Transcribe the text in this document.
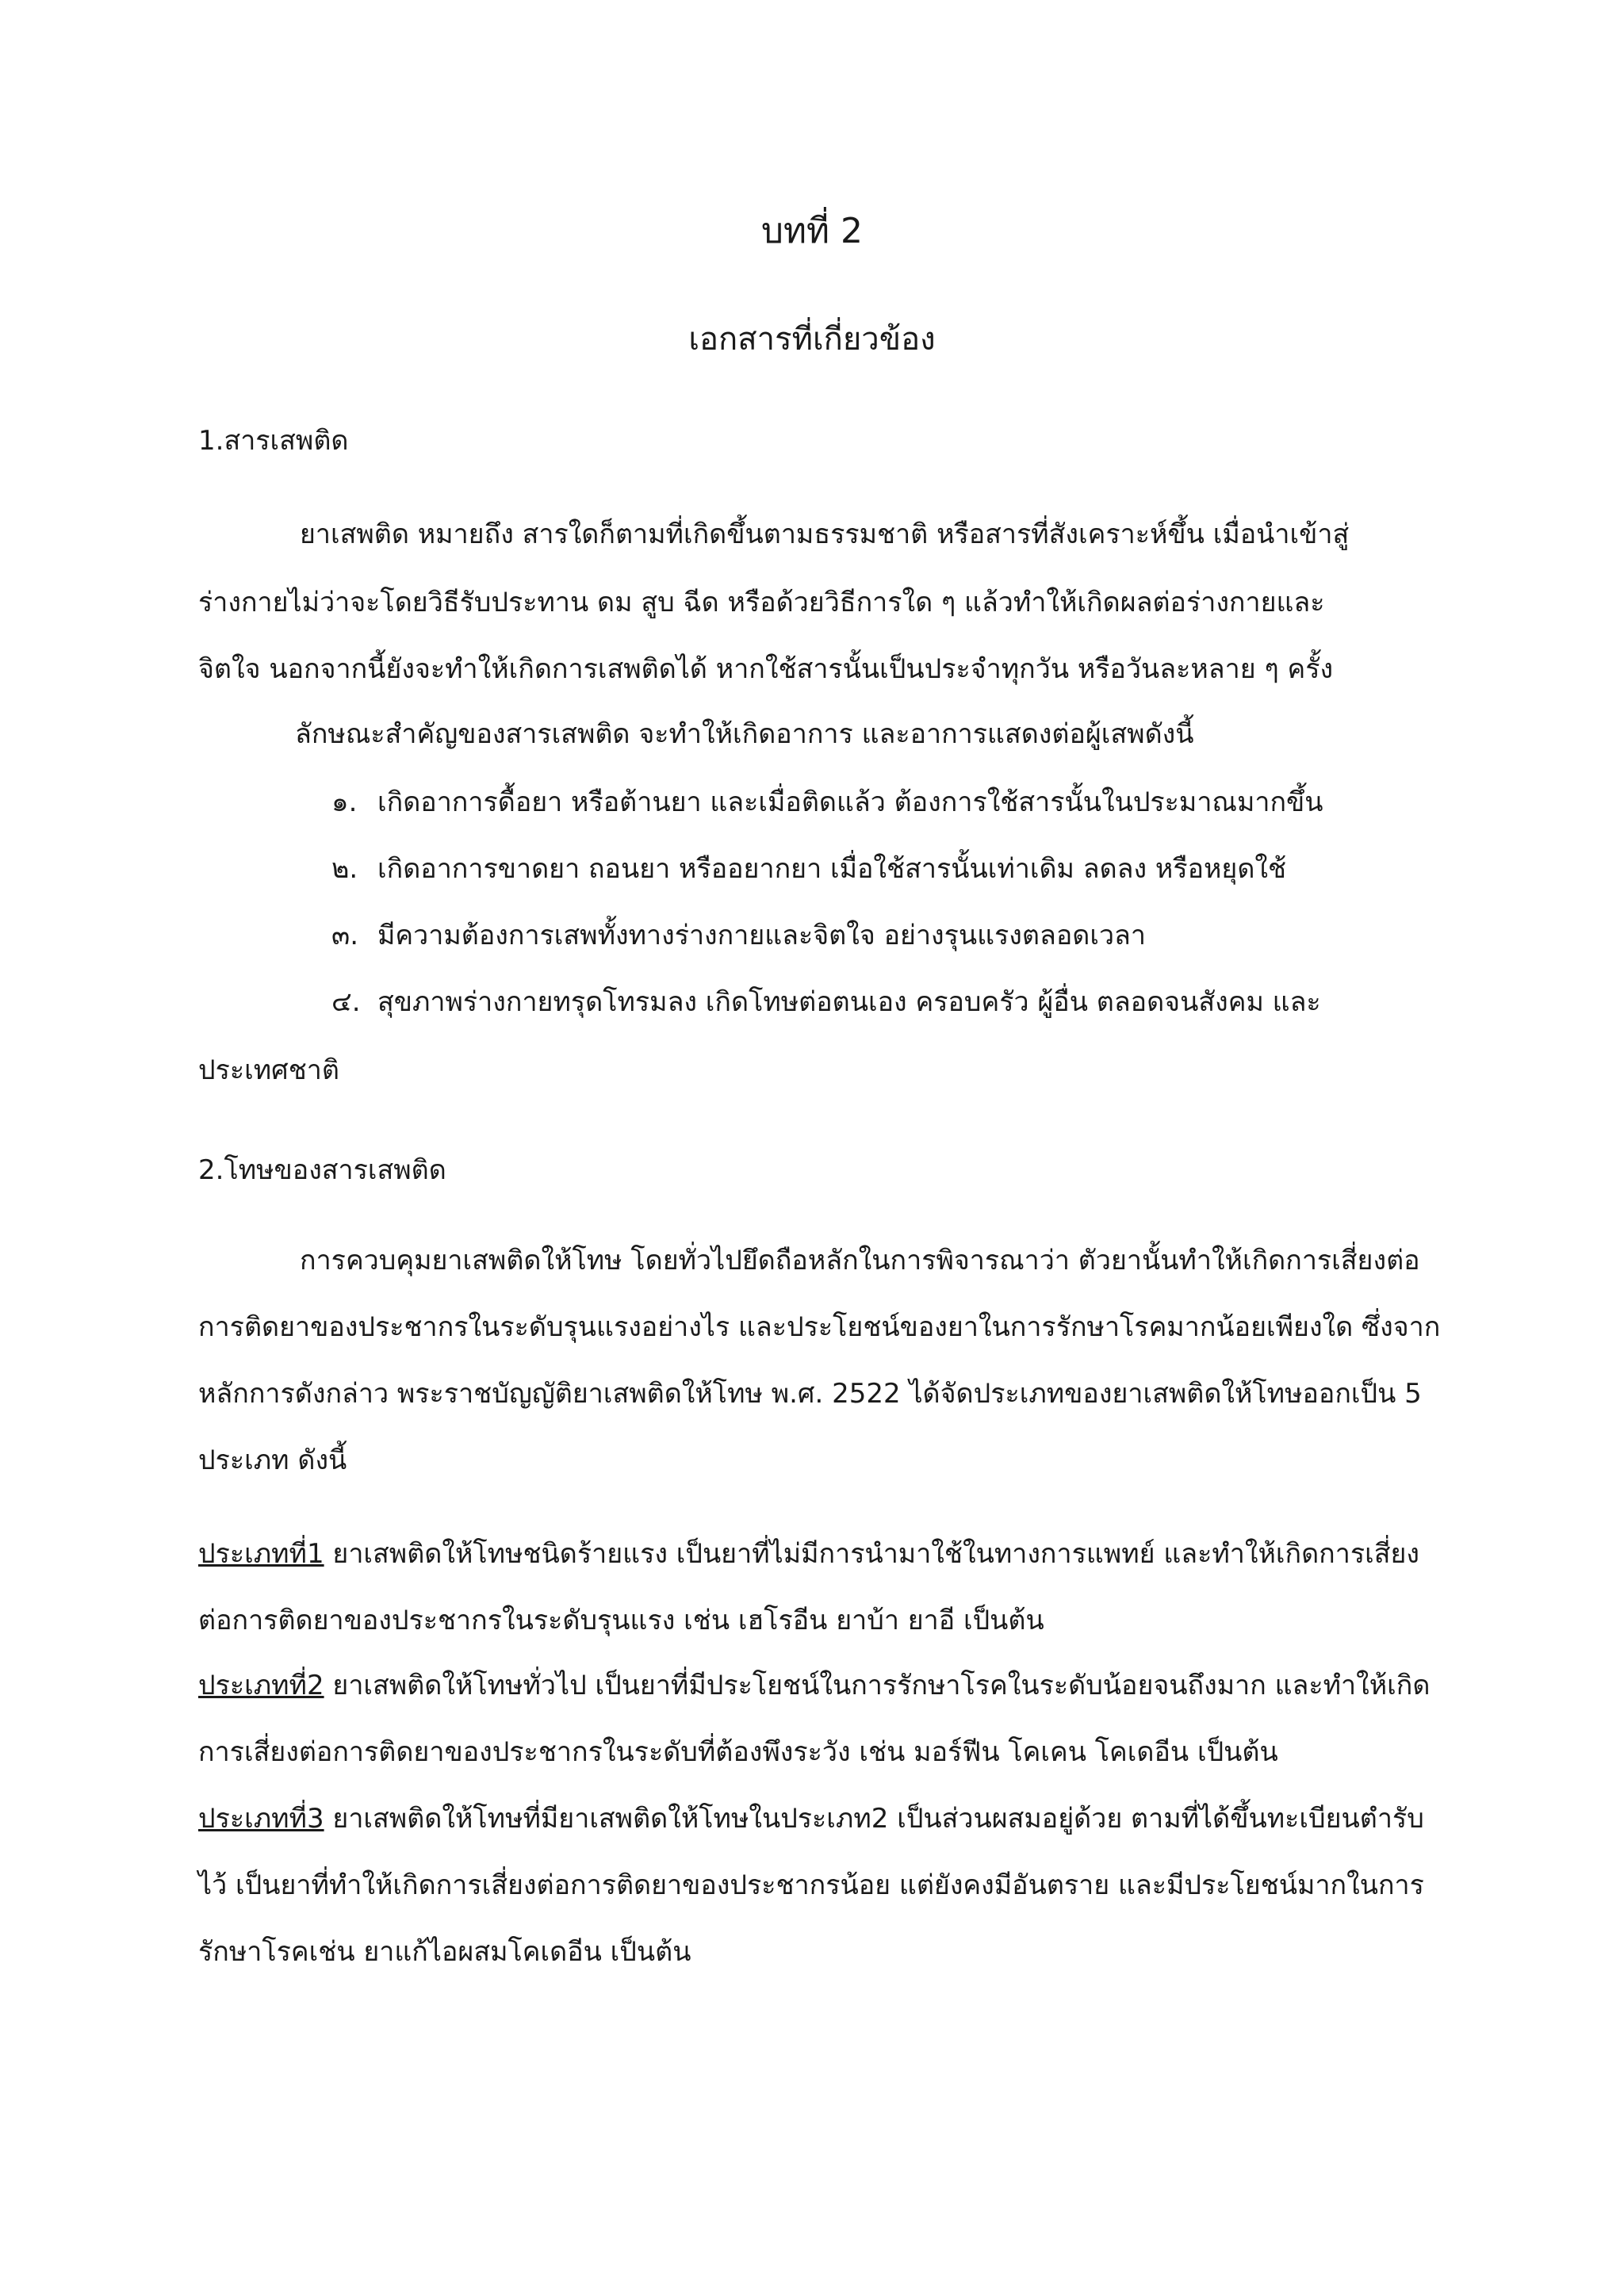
บทที่ 2
เอกสารที่เกี่ยวข้อง
1.สารเสพติด
ยาเสพติด หมายถึง สารใดก็ตามที่เกิดขึ้นตามธรรมชาติ หรือสารที่สังเคราะห์ขึ้น เมื่อนำเข้าสู่
ร่างกายไม่ว่าจะโดยวิธีรับประทาน ดม สูบ ฉีด หรือด้วยวิธีการใด ๆ แล้วทำให้เกิดผลต่อร่างกายและ
จิตใจ นอกจากนี้ยังจะทำให้เกิดการเสพติดได้ หากใช้สารนั้นเป็นประจำทุกวัน หรือวันละหลาย ๆ ครั้ง
ลักษณะสำคัญของสารเสพติด จะทำให้เกิดอาการ และอาการแสดงต่อผู้เสพดังนี้
๑. เกิดอาการดื้อยา หรือต้านยา และเมื่อติดแล้ว ต้องการใช้สารนั้นในประมาณมากขึ้น
๒. เกิดอาการขาดยา ถอนยา หรืออยากยา เมื่อใช้สารนั้นเท่าเดิม ลดลง หรือหยุดใช้
๓. มีความต้องการเสพทั้งทางร่างกายและจิตใจ อย่างรุนแรงตลอดเวลา
๔. สุขภาพร่างกายทรุดโทรมลง เกิดโทษต่อตนเอง ครอบครัว ผู้อื่น ตลอดจนสังคม และ
ประเทศชาติ
2.โทษของสารเสพติด
การควบคุมยาเสพติดให้โทษ โดยทั่วไปยึดถือหลักในการพิจารณาว่า ตัวยานั้นทำให้เกิดการเสี่ยงต่อ
การติดยาของประชากรในระดับรุนแรงอย่างไร และประโยชน์ของยาในการรักษาโรคมากน้อยเพียงใด ซึ่งจาก
หลักการดังกล่าว พระราชบัญญัติยาเสพติดให้โทษ พ.ศ. 2522 ได้จัดประเภทของยาเสพติดให้โทษออกเป็น 5
ประเภท ดังนี้
ประเภทที่1 ยาเสพติดให้โทษชนิดร้ายแรง เป็นยาที่ไม่มีการนำมาใช้ในทางการแพทย์ และทำให้เกิดการเสี่ยง
ต่อการติดยาของประชากรในระดับรุนแรง เช่น เฮโรอีน ยาบ้า ยาอี เป็นต้น
ประเภทที่2 ยาเสพติดให้โทษทั่วไป เป็นยาที่มีประโยชน์ในการรักษาโรคในระดับน้อยจนถึงมาก และทำให้เกิด
การเสี่ยงต่อการติดยาของประชากรในระดับที่ต้องพึงระวัง เช่น มอร์ฟีน โคเคน โคเดอีน เป็นต้น
ประเภทที่3 ยาเสพติดให้โทษที่มียาเสพติดให้โทษในประเภท2 เป็นส่วนผสมอยู่ด้วย ตามที่ได้ขึ้นทะเบียนตำรับ
ไว้ เป็นยาที่ทำให้เกิดการเสี่ยงต่อการติดยาของประชากรน้อย แต่ยังคงมีอันตราย และมีประโยชน์มากในการ
รักษาโรคเช่น ยาแก้ไอผสมโคเดอีน เป็นต้น
